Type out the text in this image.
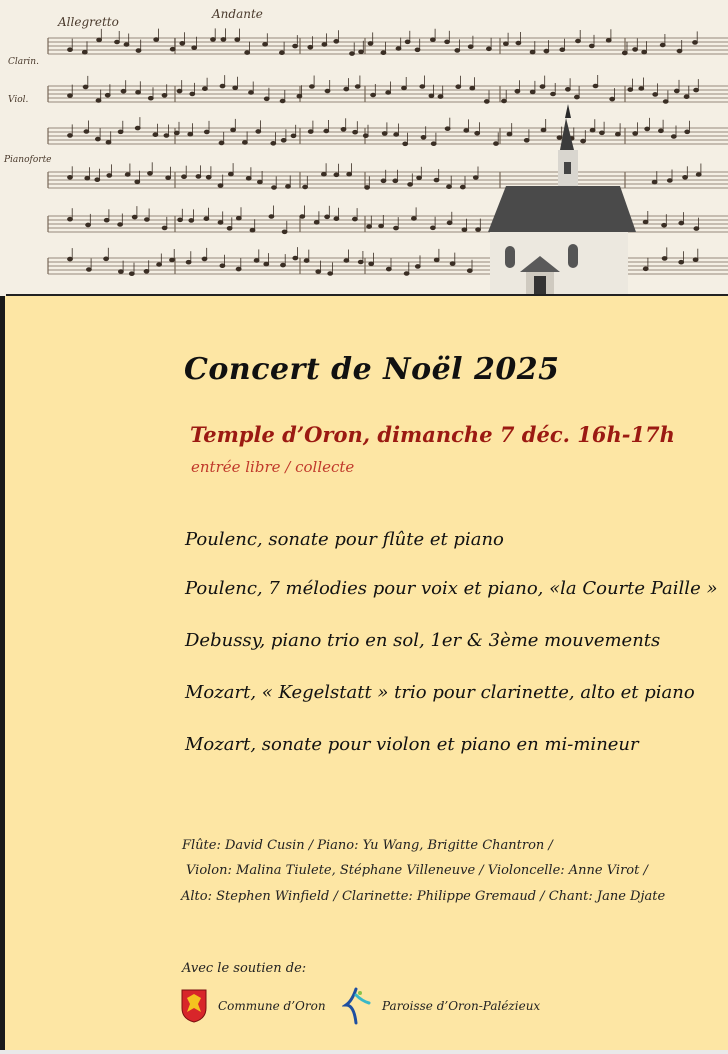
Allegretto
Andante
Clarin.
Viol.
Pianoforte
Concert de Noël 2025
Temple d’Oron, dimanche 7 déc. 16h-17h
entrée libre / collecte
Poulenc, sonate pour flûte et piano
Poulenc, 7 mélodies pour voix et piano, «la Courte Paille »
Debussy, piano trio en sol, 1er & 3ème mouvements
Mozart, « Kegelstatt » trio pour clarinette, alto et piano
Mozart, sonate pour violon et piano en mi-mineur
Flûte: David Cusin / Piano: Yu Wang, Brigitte Chantron /
Violon: Malina Tiulete, Stéphane Villeneuve / Violoncelle: Anne Virot /
Alto: Stephen Winfield / Clarinette: Philippe Gremaud / Chant: Jane Djate
Avec le soutien de:
Commune d’Oron	Paroisse d’Oron-Palézieux
